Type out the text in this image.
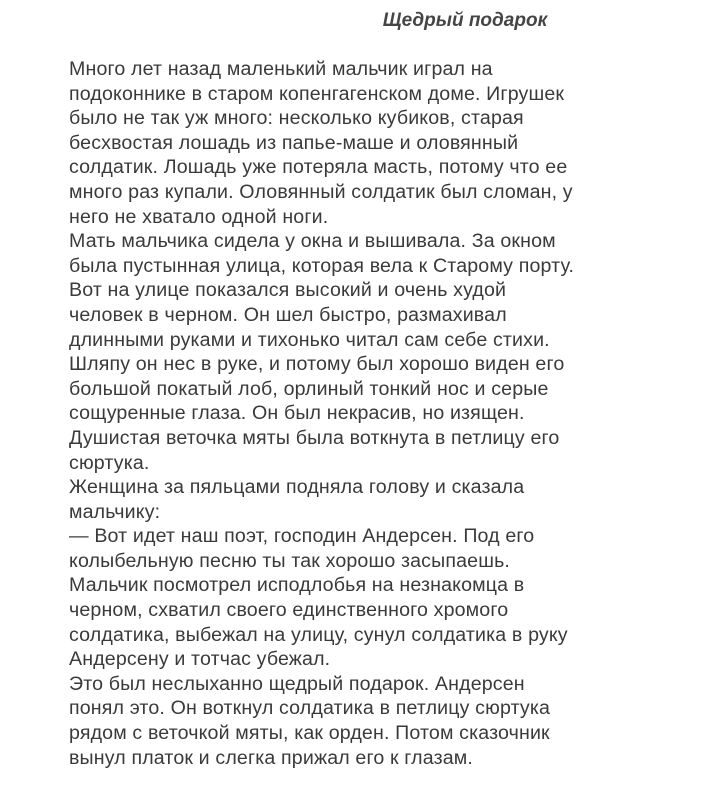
Щедрый подарок
Много лет назад маленький мальчик играл на
подоконнике в старом копенгагенском доме. Игрушек
было не так уж много: несколько кубиков, старая
бесхвостая лошадь из папье-маше и оловянный
солдатик. Лошадь уже потеряла масть, потому что ее
много раз купали. Оловянный солдатик был сломан, у
него не хватало одной ноги.
Мать мальчика сидела у окна и вышивала. За окном
была пустынная улица, которая вела к Старому порту.
Вот на улице показался высокий и очень худой
человек в черном. Он шел быстро, размахивал
длинными руками и тихонько читал сам себе стихи.
Шляпу он нес в руке, и потому был хорошо виден его
большой покатый лоб, орлиный тонкий нос и серые
сощуренные глаза. Он был некрасив, но изящен.
Душистая веточка мяты была воткнута в петлицу его
сюртука.
Женщина за пяльцами подняла голову и сказала
мальчику:
— Вот идет наш поэт, господин Андерсен. Под его
колыбельную песню ты так хорошо засыпаешь.
Мальчик посмотрел исподлобья на незнакомца в
черном, схватил своего единственного хромого
солдатика, выбежал на улицу, сунул солдатика в руку
Андерсену и тотчас убежал.
Это был неслыханно щедрый подарок. Андерсен
понял это. Он воткнул солдатика в петлицу сюртука
рядом с веточкой мяты, как орден. Потом сказочник
вынул платок и слегка прижал его к глазам.
